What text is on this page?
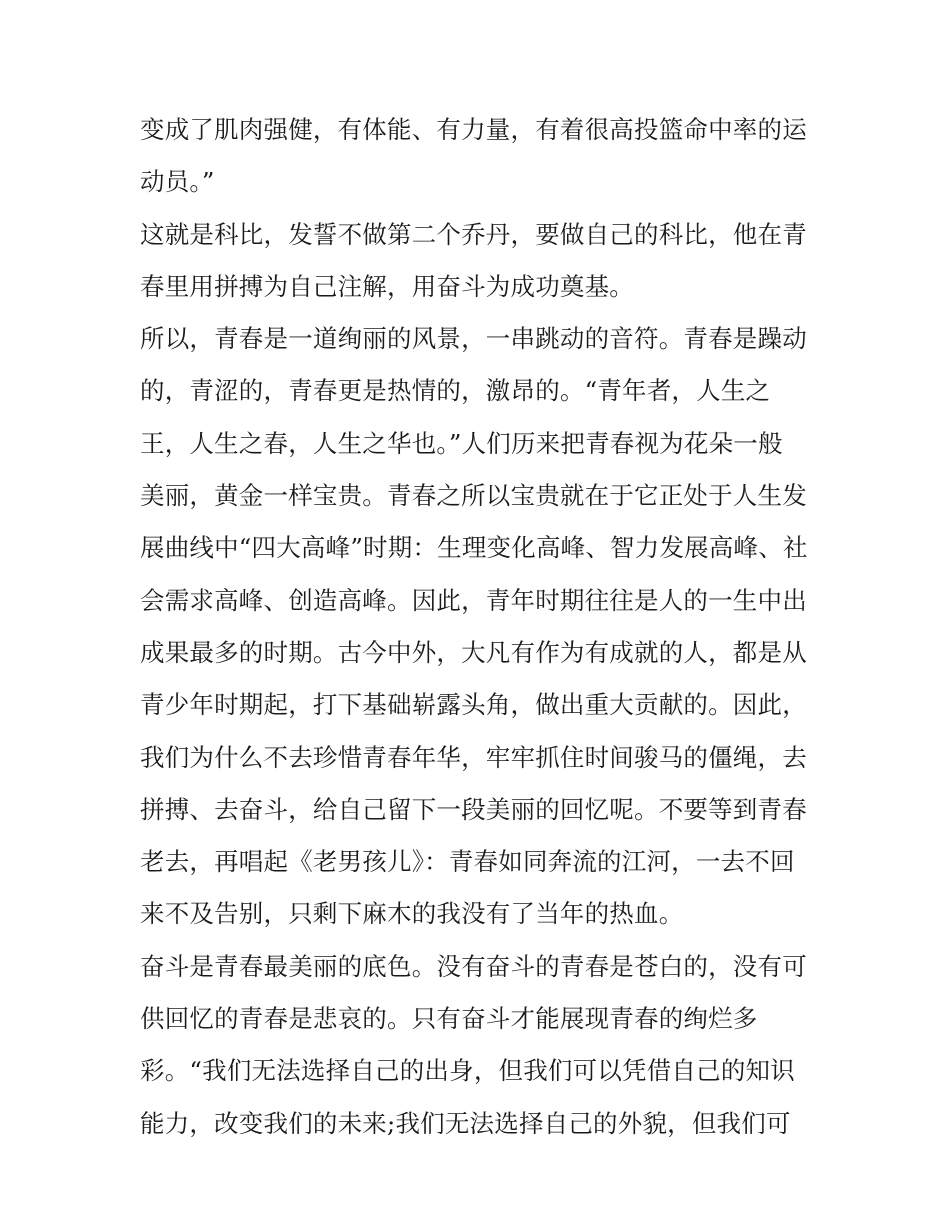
变成了肌肉强健，有体能、有力量，有着很高投篮命中率的运
动员。”
这就是科比，发誓不做第二个乔丹，要做自己的科比，他在青
春里用拼搏为自己注解，用奋斗为成功奠基。
所以，青春是一道绚丽的风景，一串跳动的音符。青春是躁动
的，青涩的，青春更是热情的，激昂的。“青年者，人生之
王，人生之春，人生之华也。”人们历来把青春视为花朵一般
美丽，黄金一样宝贵。青春之所以宝贵就在于它正处于人生发
展曲线中“四大高峰”时期：生理变化高峰、智力发展高峰、社
会需求高峰、创造高峰。因此，青年时期往往是人的一生中出
成果最多的时期。古今中外，大凡有作为有成就的人，都是从
青少年时期起，打下基础崭露头角，做出重大贡献的。因此，
我们为什么不去珍惜青春年华，牢牢抓住时间骏马的僵绳，去
拼搏、去奋斗，给自己留下一段美丽的回忆呢。不要等到青春
老去，再唱起《老男孩儿》：青春如同奔流的江河，一去不回
来不及告别，只剩下麻木的我没有了当年的热血。
奋斗是青春最美丽的底色。没有奋斗的青春是苍白的，没有可
供回忆的青春是悲哀的。只有奋斗才能展现青春的绚烂多
彩。“我们无法选择自己的出身，但我们可以凭借自己的知识
能力，改变我们的未来;我们无法选择自己的外貌，但我们可
